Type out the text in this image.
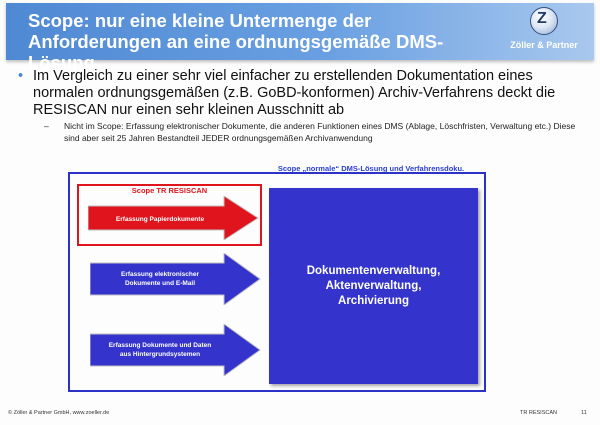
Scope: nur eine kleine Untermenge der Anforderungen an eine ordnungsgemäße DMS-Lösung
Z
Zöller & Partner
• Im Vergleich zu einer sehr viel einfacher zu erstellenden Dokumentation eines normalen ordnungsgemäßen (z.B. GoBD-konformen) Archiv-Verfahrens deckt die RESISCAN nur einen sehr kleinen Ausschnitt ab
– Nicht im Scope: Erfassung elektronischer Dokumente, die anderen Funktionen eines DMS (Ablage, Löschfristen, Verwaltung etc.) Diese sind aber seit 25 Jahren Bestandteil JEDER ordnungsgemäßen Archivanwendung
Scope „normale“ DMS-Lösung und Verfahrensdoku.
Scope TR RESISCAN
Erfassung Papierdokumente
Erfassung elektronischer
Dokumente und E-Mail
Erfassung Dokumente und Daten
aus Hintergrundsystemen
Dokumentenverwaltung,
Aktenverwaltung,
Archivierung
© Zöller & Partner GmbH, www.zoeller.de	TR RESISCAN	11
